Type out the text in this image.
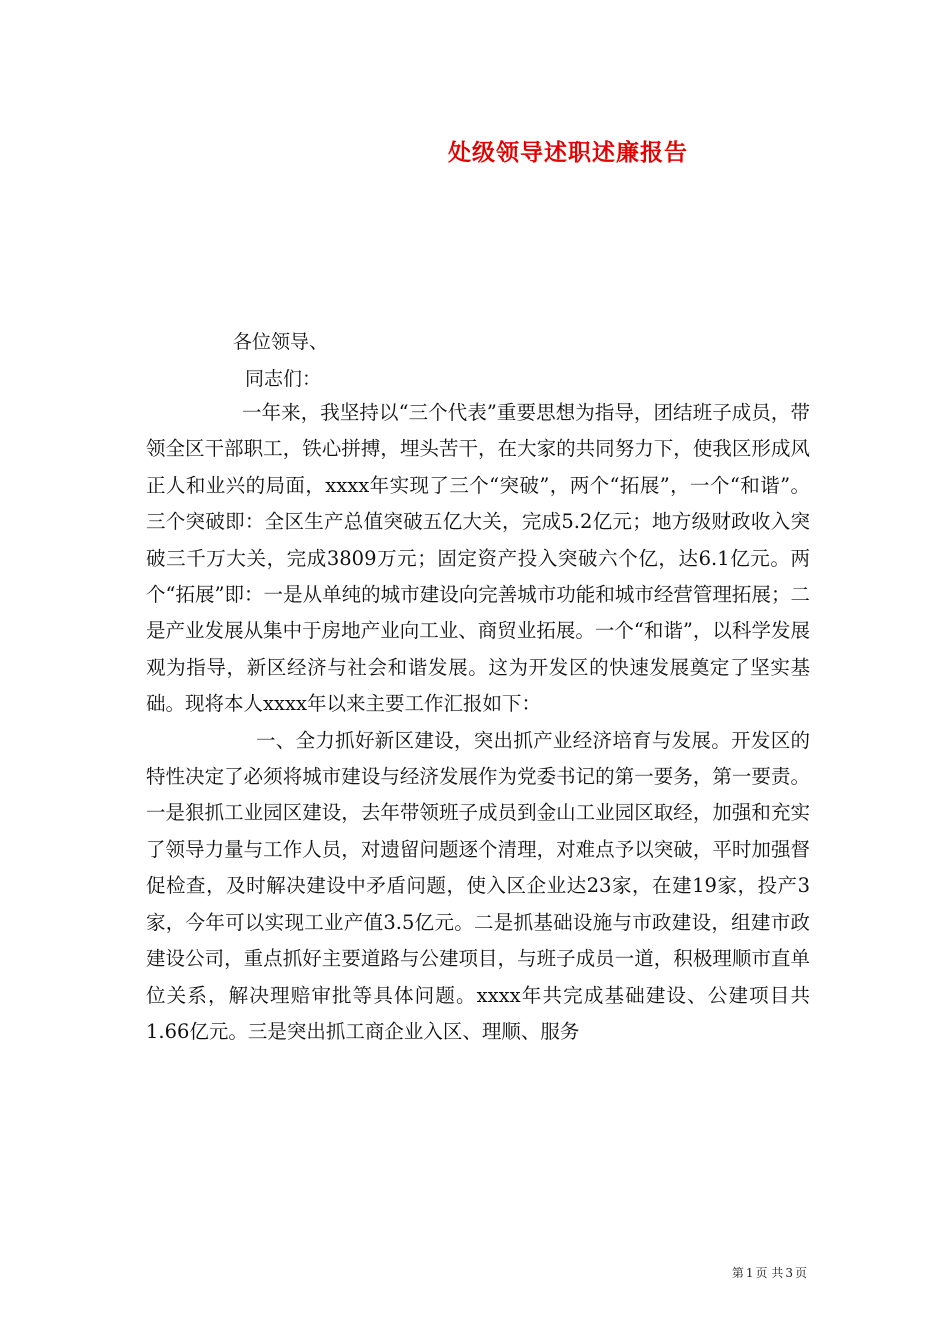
处级领导述职述廉报告
各位领导、
同志们：

一年来，我坚持以“三个代表”重要思想为指导，团结班子成员，带领全区干部职工，铁心拼搏，埋头苦干，在大家的共同努力下，使我区形成风正人和业兴的局面，xxxx年实现了三个“突破”，两个“拓展”，一个“和谐”。三个突破即：全区生产总值突破五亿大关，完成5.2亿元；地方级财政收入突破三千万大关，完成3809万元；固定资产投入突破六个亿，达6.1亿元。两个“拓展”即：一是从单纯的城市建设向完善城市功能和城市经营管理拓展；二是产业发展从集中于房地产业向工业、商贸业拓展。一个“和谐”，以科学发展观为指导，新区经济与社会和谐发展。这为开发区的快速发展奠定了坚实基础。现将本人xxxx年以来主要工作汇报如下：

一、全力抓好新区建设，突出抓产业经济培育与发展。开发区的特性决定了必须将城市建设与经济发展作为党委书记的第一要务，第一要责。一是狠抓工业园区建设，去年带领班子成员到金山工业园区取经，加强和充实了领导力量与工作人员，对遗留问题逐个清理，对难点予以突破，平时加强督促检查，及时解决建设中矛盾问题，使入区企业达23家，在建19家，投产3家，今年可以实现工业产值3.5亿元。二是抓基础设施与市政建设，组建市政建设公司，重点抓好主要道路与公建项目，与班子成员一道，积极理顺市直单位关系，解决理赔审批等具体问题。xxxx年共完成基础建设、公建项目共1.66亿元。三是突出抓工商企业入区、理顺、服务

第 1 页 共 3 页
